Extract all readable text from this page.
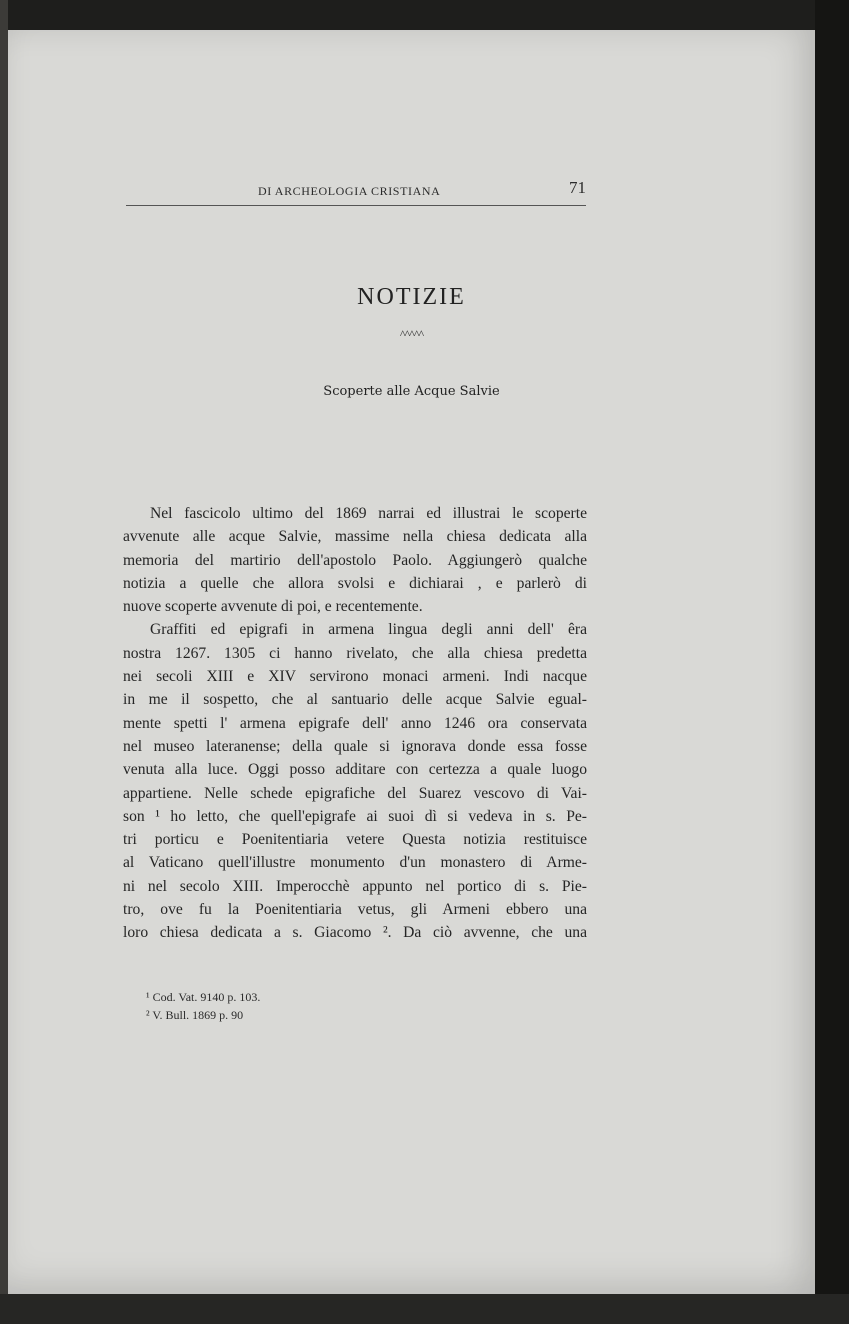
DI ARCHEOLOGIA CRISTIANA	71
NOTIZIE
^^^^^
Scoperte alle Acque Salvie
Nel fascicolo ultimo del 1869 narrai ed illustrai le scoperte
avvenute alle acque Salvie, massime nella chiesa dedicata alla
memoria del martirio dell'apostolo Paolo. Aggiungerò qualche
notizia a quelle che allora svolsi e dichiarai , e parlerò di
nuove scoperte avvenute di poi, e recentemente.
Graffiti ed epigrafi in armena lingua degli anni dell' êra
nostra 1267. 1305 ci hanno rivelato, che alla chiesa predetta
nei secoli XIII e XIV servirono monaci armeni. Indi nacque
in me il sospetto, che al santuario delle acque Salvie egual-
mente spetti l' armena epigrafe dell' anno 1246 ora conservata
nel museo lateranense; della quale si ignorava donde essa fosse
venuta alla luce. Oggi posso additare con certezza a quale luogo
appartiene. Nelle schede epigrafiche del Suarez vescovo di Vai-
son ¹ ho letto, che quell'epigrafe ai suoi dì si vedeva in s. Pe-
tri porticu e Poenitentiaria vetere Questa notizia restituisce
al Vaticano quell'illustre monumento d'un monastero di Arme-
ni nel secolo XIII. Imperocchè appunto nel portico di s. Pie-
tro, ove fu la Poenitentiaria vetus, gli Armeni ebbero una
loro chiesa dedicata a s. Giacomo ². Da ciò avvenne, che una
¹ Cod. Vat. 9140 p. 103.
² V. Bull. 1869 p. 90
